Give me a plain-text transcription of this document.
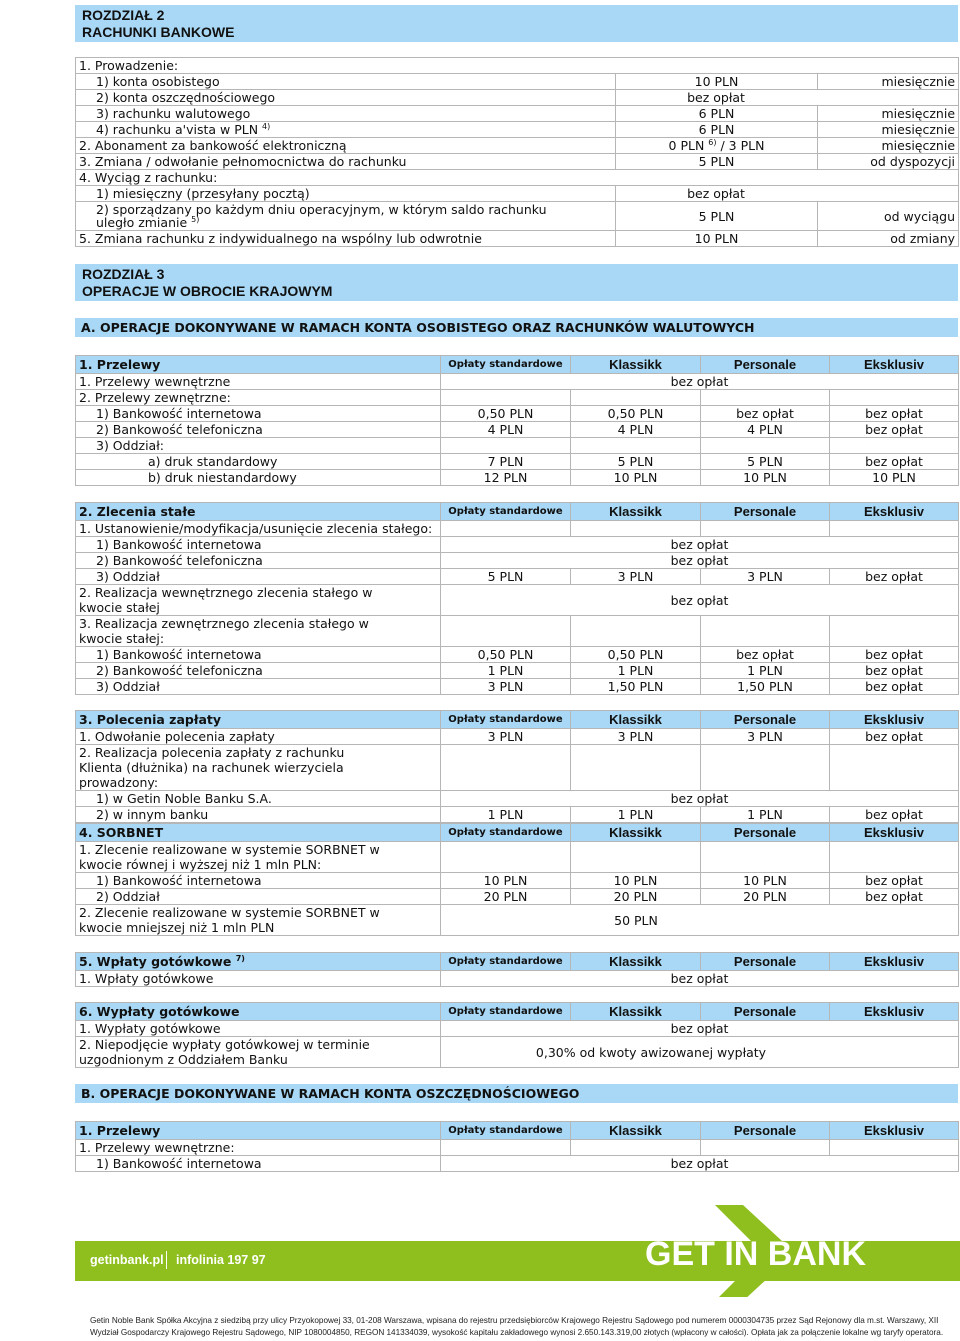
ROZDZIAŁ 2
RACHUNKI BANKOWE
1. Prowadzenie:		
1) konta osobistego	10 PLN	miesięcznie
2) konta oszczędnościowego	bez opłat	
3) rachunku walutowego	6 PLN	miesięcznie
4) rachunku a'vista w PLN $^{4)}$	6 PLN	miesięcznie
2. Abonament za bankowość elektroniczną	0 PLN $^{6)}$ / 3 PLN	miesięcznie
3. Zmiana / odwołanie pełnomocnictwa do rachunku	5 PLN	od dyspozycji
4. Wyciąg z rachunku:		
1) miesięczny (przesyłany pocztą)	bez opłat	
2) sporządzany po każdym dniu operacyjnym, w którym saldo rachunku uległo zmianie $^{5)}$	5 PLN	od wyciągu
5. Zmiana rachunku z indywidualnego na wspólny lub odwrotnie	10 PLN	od zmiany
ROZDZIAŁ 3
OPERACJE W OBROCIE KRAJOWYM
A. OPERACJE DOKONYWANE W RAMACH KONTA OSOBISTEGO ORAZ RACHUNKÓW WALUTOWYCH
1. Przelewy	Opłaty standardowe	Klassikk	Personale	Eksklusiv
1. Przelewy wewnętrzne	bez opłat			
2. Przelewy zewnętrzne:				
1) Bankowość internetowa	0,50 PLN	0,50 PLN	bez opłat	bez opłat
2) Bankowość telefoniczna	4 PLN	4 PLN	4 PLN	bez opłat
3) Oddział:				
a) druk standardowy	7 PLN	5 PLN	5 PLN	bez opłat
b) druk niestandardowy	12 PLN	10 PLN	10 PLN	10 PLN
2. Zlecenia stałe	Opłaty standardowe	Klassikk	Personale	Eksklusiv
1. Ustanowienie/modyfikacja/usunięcie zlecenia stałego:				
1) Bankowość internetowa	bez opłat			
2) Bankowość telefoniczna	bez opłat			
3) Oddział	5 PLN	3 PLN	3 PLN	bez opłat
2. Realizacja wewnętrznego zlecenia stałego w kwocie stałej	bez opłat			
3. Realizacja zewnętrznego zlecenia stałego w kwocie stałej:				
1) Bankowość internetowa	0,50 PLN	0,50 PLN	bez opłat	bez opłat
2) Bankowość telefoniczna	1 PLN	1 PLN	1 PLN	bez opłat
3) Oddział	3 PLN	1,50 PLN	1,50 PLN	bez opłat
3. Polecenia zapłaty	Opłaty standardowe	Klassikk	Personale	Eksklusiv
1. Odwołanie polecenia zapłaty	3 PLN	3 PLN	3 PLN	bez opłat
2. Realizacja polecenia zapłaty z rachunku Klienta (dłużnika) na rachunek wierzyciela prowadzony:				
1) w Getin Noble Banku S.A.	bez opłat			
2) w innym banku	1 PLN	1 PLN	1 PLN	bez opłat
4. SORBNET	Opłaty standardowe	Klassikk	Personale	Eksklusiv
1. Zlecenie realizowane w systemie SORBNET w kwocie równej i wyższej niż 1 mln PLN:				
1) Bankowość internetowa	10 PLN	10 PLN	10 PLN	bez opłat
2) Oddział	20 PLN	20 PLN	20 PLN	bez opłat
2. Zlecenie realizowane w systemie SORBNET w kwocie mniejszej niż 1 mln PLN	50 PLN			
5. Wpłaty gotówkowe $^{7)}$	Opłaty standardowe	Klassikk	Personale	Eksklusiv
1. Wpłaty gotówkowe	bez opłat			
6. Wypłaty gotówkowe	Opłaty standardowe	Klassikk	Personale	Eksklusiv
1. Wypłaty gotówkowe	bez opłat			
2. Niepodjęcie wypłaty gotówkowej w terminie uzgodnionym z Oddziałem Banku	0,30% od kwoty awizowanej wypłaty			
B. OPERACJE DOKONYWANE W RAMACH KONTA OSZCZĘDNOŚCIOWEGO
1. Przelewy	Opłaty standardowe	Klassikk	Personale	Eksklusiv
1. Przelewy wewnętrzne:				
1) Bankowość internetowa	bez opłat			
getinbank.pl infolinia 197 97	GET IN BANK
Getin Noble Bank Spółka Akcyjna z siedzibą przy ulicy Przyokopowej 33, 01-208 Warszawa, wpisana do rejestru przedsiębiorców Krajowego Rejestru Sądowego pod numerem 0000304735 przez Sąd Rejonowy dla m.st. Warszawy, XII
Wydział Gospodarczy Krajowego Rejestru Sądowego, NIP 1080004850, REGON 141334039, wysokość kapitału zakładowego wynosi 2.650.143.319,00 złotych (wpłacony w całości). Opłata jak za połączenie lokalne wg taryfy operatora.
